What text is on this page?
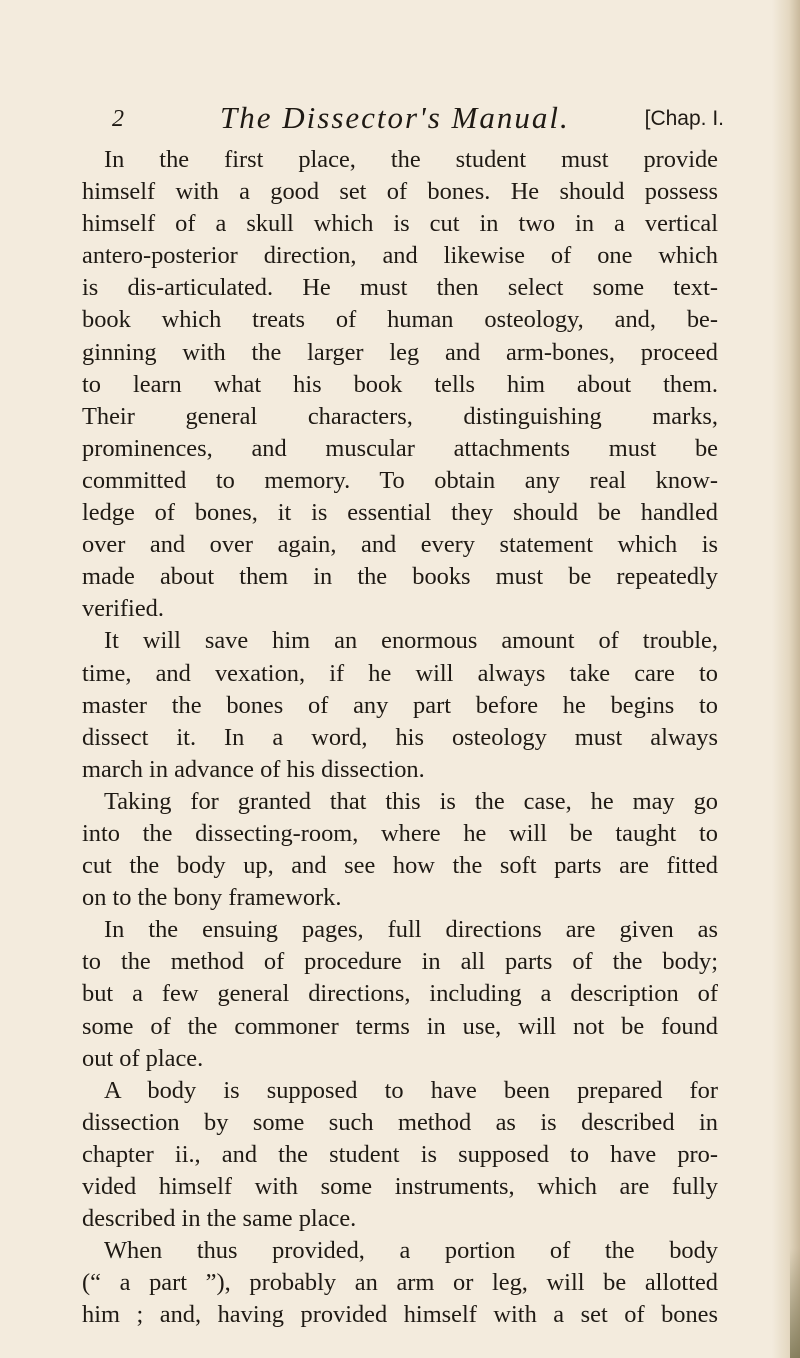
2	The Dissector's Manual.	[Chap. I.
In the first place, the student must provide
himself with a good set of bones. He should possess
himself of a skull which is cut in two in a vertical
antero-posterior direction, and likewise of one which
is dis-articulated. He must then select some text-
book which treats of human osteology, and, be-
ginning with the larger leg and arm-bones, proceed
to learn what his book tells him about them.
Their general characters, distinguishing marks,
prominences, and muscular attachments must be
committed to memory. To obtain any real know-
ledge of bones, it is essential they should be handled
over and over again, and every statement which is
made about them in the books must be repeatedly
verified.
It will save him an enormous amount of trouble,
time, and vexation, if he will always take care to
master the bones of any part before he begins to
dissect it. In a word, his osteology must always
march in advance of his dissection.
Taking for granted that this is the case, he may go
into the dissecting-room, where he will be taught to
cut the body up, and see how the soft parts are fitted
on to the bony framework.
In the ensuing pages, full directions are given as
to the method of procedure in all parts of the body;
but a few general directions, including a description of
some of the commoner terms in use, will not be found
out of place.
A body is supposed to have been prepared for
dissection by some such method as is described in
chapter ii., and the student is supposed to have pro-
vided himself with some instruments, which are fully
described in the same place.
When thus provided, a portion of the body
(“ a part ”), probably an arm or leg, will be allotted
him ; and, having provided himself with a set of bones
